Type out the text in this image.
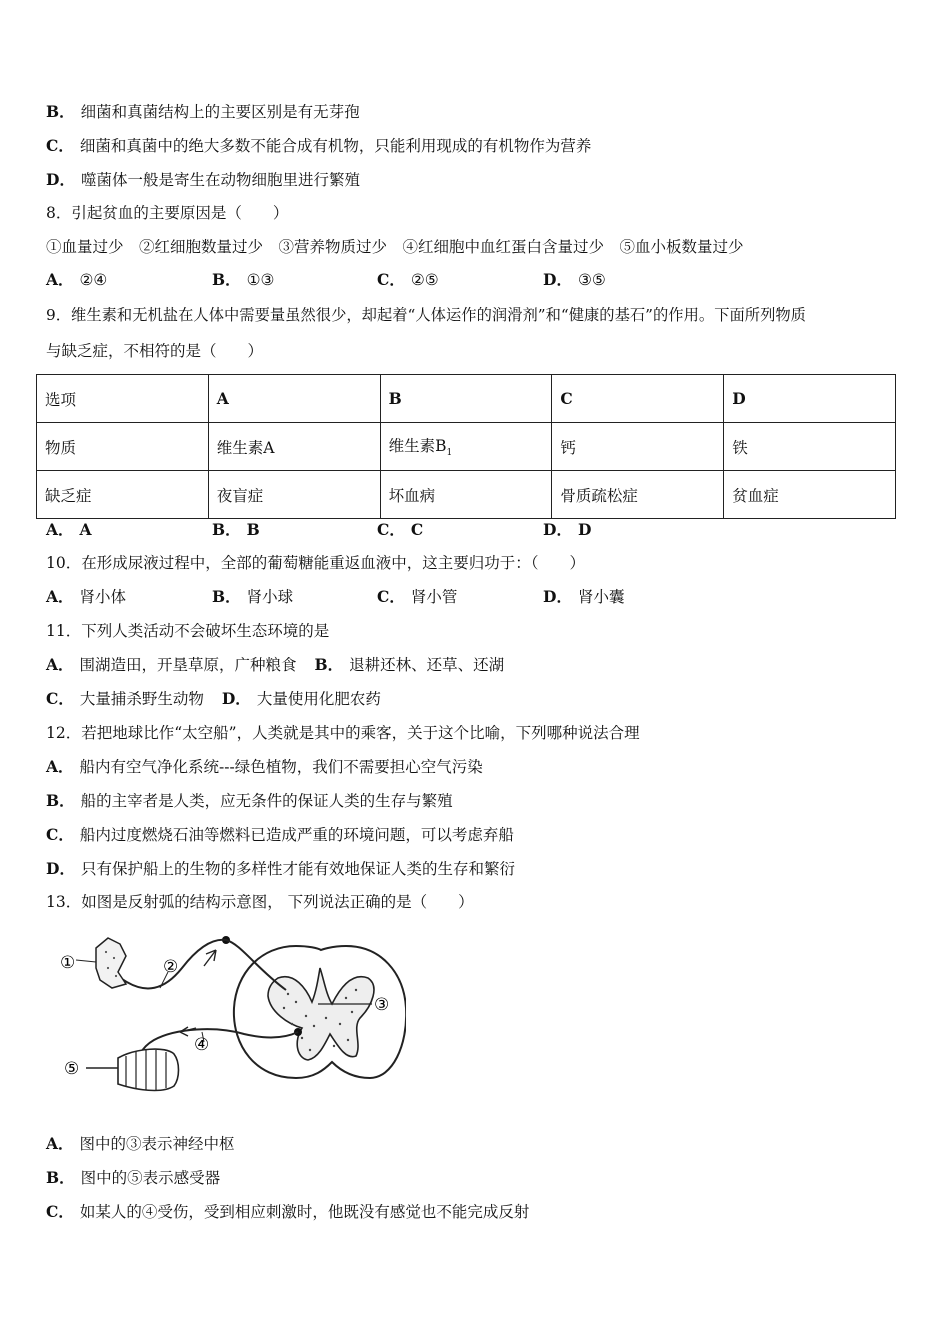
B． 细菌和真菌结构上的主要区别是有无芽孢
C． 细菌和真菌中的绝大多数不能合成有机物，只能利用现成的有机物作为营养
D． 噬菌体一般是寄生在动物细胞里进行繁殖
8．引起贫血的主要原因是（　　）
①血量过少　②红细胞数量过少　③营养物质过少　④红细胞中血红蛋白含量过少　⑤血小板数量过少
A． ②④	B． ①③	C． ②⑤	D． ③⑤
9．维生素和无机盐在人体中需要量虽然很少，却起着“人体运作的润滑剂”和“健康的基石”的作用。下面所列物质
与缺乏症，不相符的是（　　）
选项	A	B	C	D
物质	维生素A	维生素$B_1$	钙	铁
缺乏症	夜盲症	坏血病	骨质疏松症	贫血症
A． A	B． B	C． C	D． D
10．在形成尿液过程中，全部的葡萄糖能重返血液中，这主要归功于：（　　）
A． 肾小体	B． 肾小球	C． 肾小管	D． 肾小囊
11．下列人类活动不会破坏生态环境的是
A． 围湖造田，开垦草原，广种粮食 B． 退耕还林、还草、还湖
C． 大量捕杀野生动物 D． 大量使用化肥农药
12．若把地球比作“太空船”，人类就是其中的乘客，关于这个比喻，下列哪种说法合理
A． 船内有空气净化系统---绿色植物，我们不需要担心空气污染
B． 船的主宰者是人类，应无条件的保证人类的生存与繁殖
C． 船内过度燃烧石油等燃料已造成严重的环境问题，可以考虑弃船
D． 只有保护船上的生物的多样性才能有效地保证人类的生存和繁衍
13．如图是反射弧的结构示意图， 下列说法正确的是（　　）
①	②
③
④
⑤
A． 图中的③表示神经中枢
B． 图中的⑤表示感受器
C． 如某人的④受伤，受到相应刺激时，他既没有感觉也不能完成反射
